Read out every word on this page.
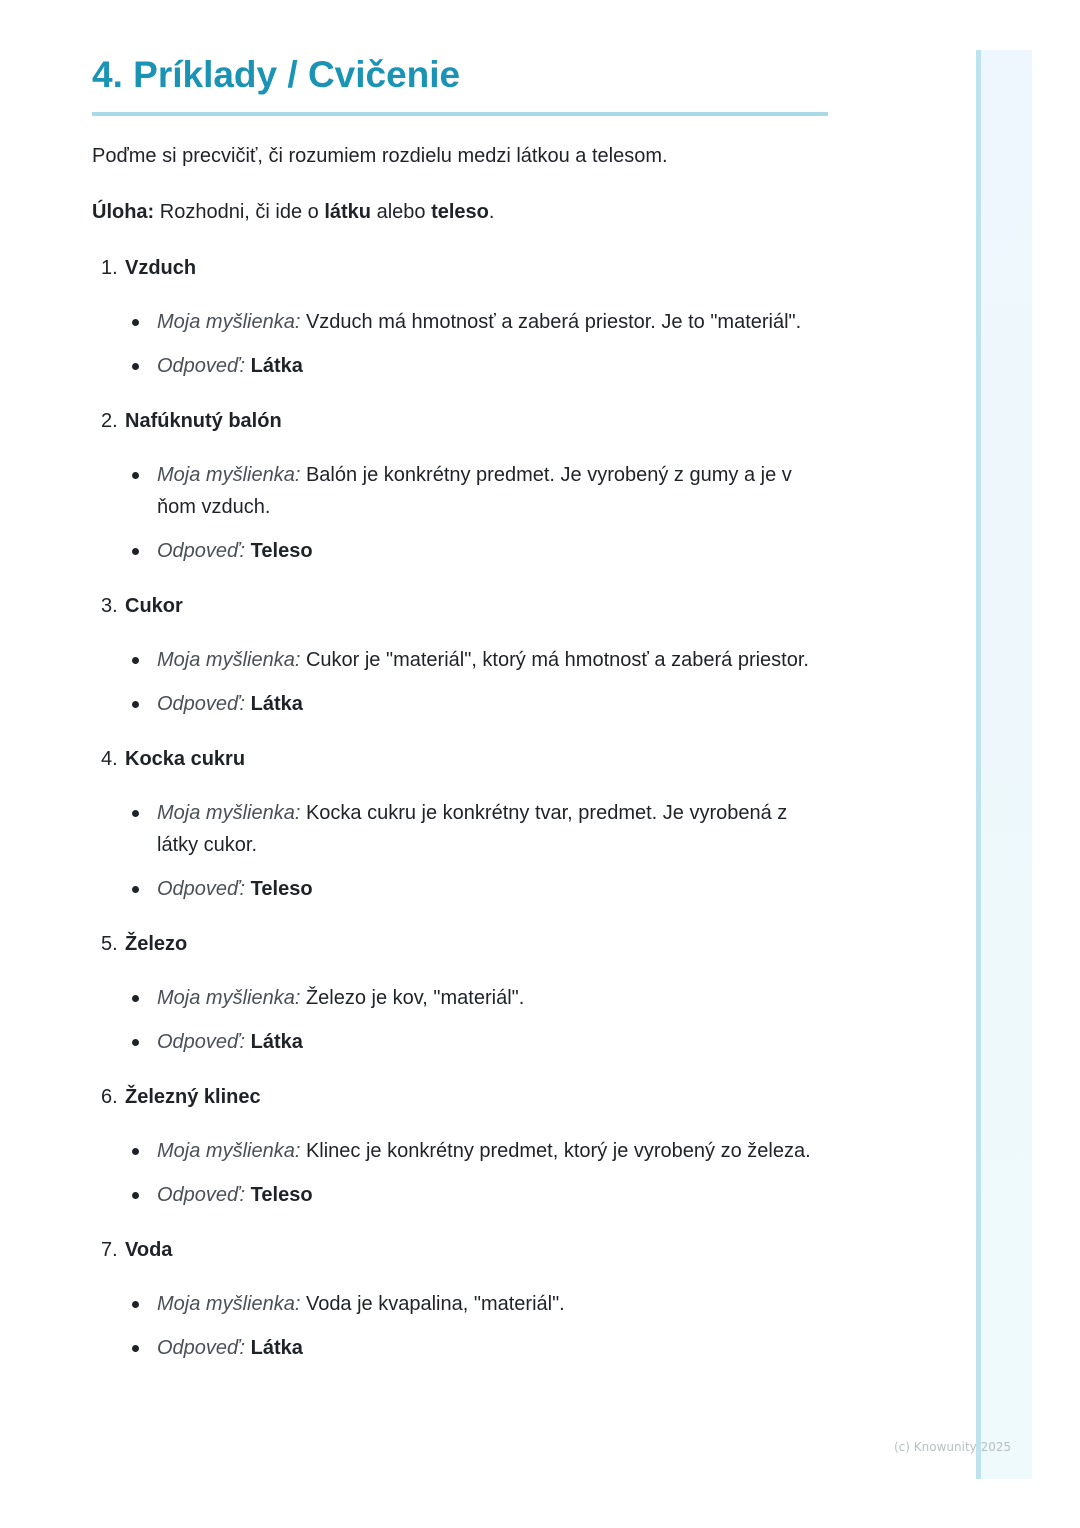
4. Príklady / Cvičenie

Poďme si precvičiť, či rozumiem rozdielu medzi látkou a telesom.

Úloha: Rozhodni, či ide o látku alebo teleso.

1. Vzduch
Moja myšlienka: Vzduch má hmotnosť a zaberá priestor. Je to "materiál".
Odpoveď: Látka
2. Nafúknutý balón
Moja myšlienka: Balón je konkrétny predmet. Je vyrobený z gumy a je v ňom vzduch.
Odpoveď: Teleso
3. Cukor
Moja myšlienka: Cukor je "materiál", ktorý má hmotnosť a zaberá priestor.
Odpoveď: Látka
4. Kocka cukru
Moja myšlienka: Kocka cukru je konkrétny tvar, predmet. Je vyrobená z látky cukor.
Odpoveď: Teleso
5. Železo
Moja myšlienka: Železo je kov, "materiál".
Odpoveď: Látka
6. Železný klinec
Moja myšlienka: Klinec je konkrétny predmet, ktorý je vyrobený zo železa.
Odpoveď: Teleso
7. Voda
Moja myšlienka: Voda je kvapalina, "materiál".
Odpoveď: Látka
(c) Knowunity 2025
